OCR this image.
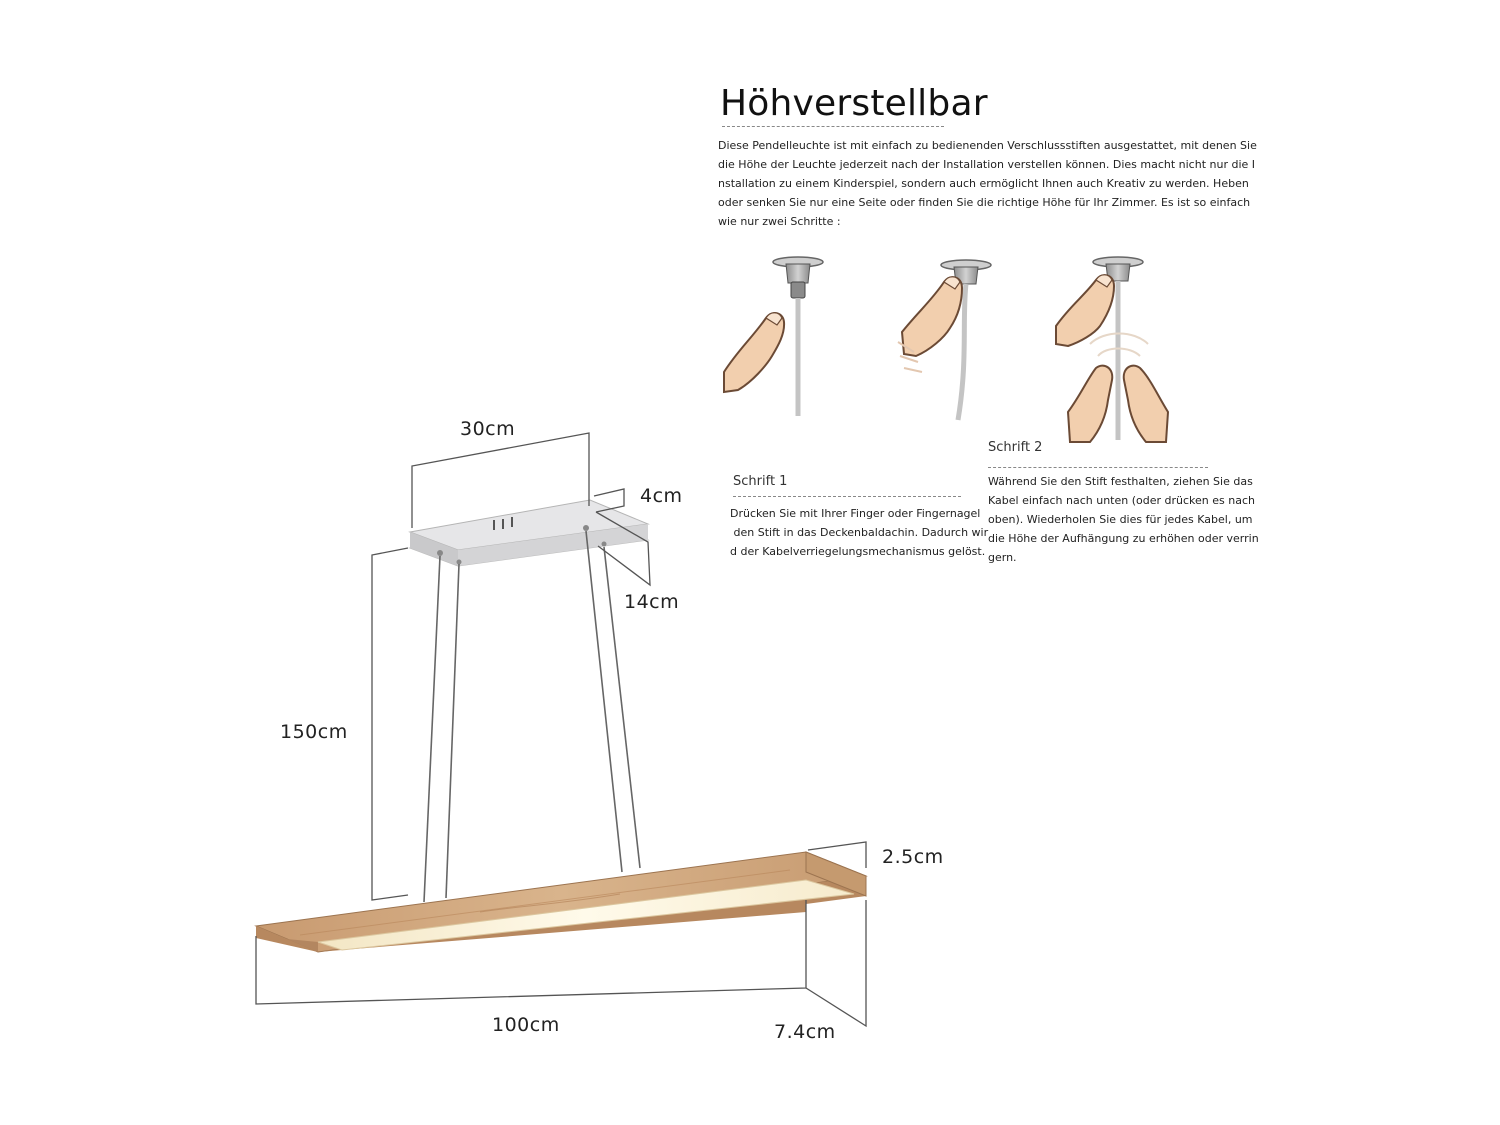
Höhverstellbar
Diese Pendelleuchte ist mit einfach zu bedienenden Verschlussstiften ausgestattet, mit denen Sie
die Höhe der Leuchte jederzeit nach der Installation verstellen können. Dies macht nicht nur die I
nstallation zu einem Kinderspiel, sondern auch ermöglicht Ihnen auch Kreativ zu werden. Heben
oder senken Sie nur eine Seite oder finden Sie die richtige Höhe für Ihr Zimmer. Es ist so einfach
wie nur zwei Schritte :
30cm
4cm
14cm
150cm
2.5cm
100cm	7.4cm
Schrift 1
Drücken Sie mit Ihrer Finger oder Fingernagel
den Stift in das Deckenbaldachin. Dadurch wir
d der Kabelverriegelungsmechanismus gelöst.
Schrift 2
Während Sie den Stift festhalten, ziehen Sie das
Kabel einfach nach unten (oder drücken es nach
oben). Wiederholen Sie dies für jedes Kabel, um
die Höhe der Aufhängung zu erhöhen oder verrin
gern.
